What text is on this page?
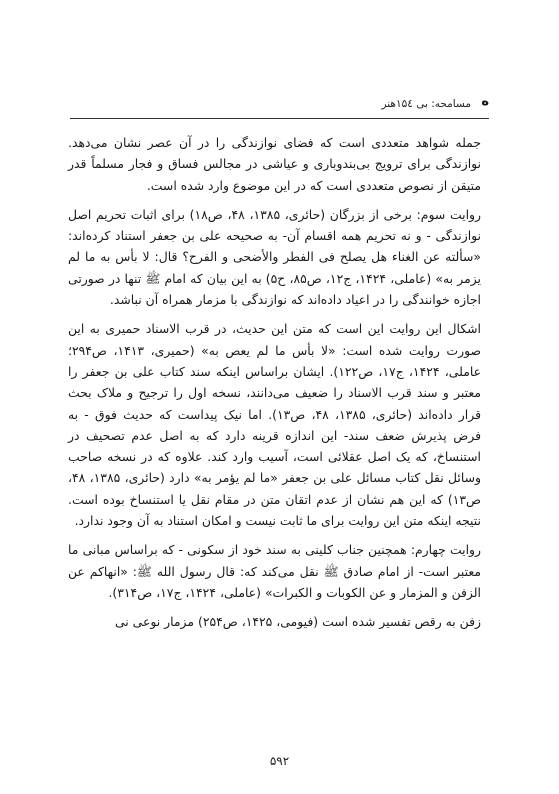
ه
مسامحه: بی ۱۵٤هنر

جمله شواهد متعددی است که فضای نوازندگی را در آن عصر نشان می‌دهد. نوازندگی برای ترویج بی‌بندوباری و عیاشی در مجالس فساق و فجار مسلماً قدر متیقن از نصوص متعددی است که در این موضوع وارد شده است.

روایت سوم: برخی از بزرگان (حائری، ۱۳۸۵، ۴۸، ص۱۸) برای اثبات تحریم اصل نوازندگی - و نه تحریم همه اقسام آن- به صحیحه علی بن جعفر استناد کرده‌اند: «سألته عن الغناء هل یصلح فی الفطر والأضحی و الفرح؟ قال: لا بأس به ما لم یزمر به» (عاملی، ۱۴۲۴، ج۱۲، ص۸۵، ح۵) به این بیان که امام ﷺ تنها در صورتی اجازه خوانندگی را در اعیاد داده‌اند که نوازندگی با مزمار همراه آن نباشد.

اشکال این روایت این است که متن این حدیث، در قرب الاسناد حمیری به این صورت روایت شده است: «لا بأس ما لم یعص به» (حمیری، ۱۴۱۳، ص۲۹۴؛ عاملی، ۱۴۲۴، ج۱۷، ص۱۲۲). ایشان براساس اینکه سند کتاب علی بن جعفر را معتبر و سند قرب الاسناد را ضعیف می‌دانند، نسخه اول را ترجیح و ملاک بحث قرار داده‌اند (حائری، ۱۳۸۵، ۴۸، ص۱۳). اما نیک پیداست که حدیث فوق - به فرض پذیرش ضعف سند- این اندازه قرینه دارد که به اصل عدم تصحیف در استنساخ، که یک اصل عقلائی است، آسیب وارد کند. علاوه که در نسخه صاحب وسائل نقل کتاب مسائل علی بن جعفر «ما لم یؤمر به» دارد (حائری، ۱۳۸۵، ۴۸، ص۱۳) که این هم نشان از عدم اتقان متن در مقام نقل یا استنساخ بوده است. نتیجه اینکه متن این روایت برای ما ثابت نیست و امکان استناد به آن وجود ندارد.

روایت چهارم: همچنین جناب کلینی به سند خود از سکونی - که براساس مبانی ما معتبر است- از امام صادق ﷺ نقل می‌کند که: قال رسول الله ﷺ: «انهاکم عن الزفن و المزمار و عن الکوبات و الکبرات» (عاملی، ۱۴۲۴، ج۱۷، ص۳۱۴).

زفن به رقص تفسیر شده است (فیومی، ۱۴۲۵، ص۲۵۴) مزمار نوعی نی

۵۹۲
